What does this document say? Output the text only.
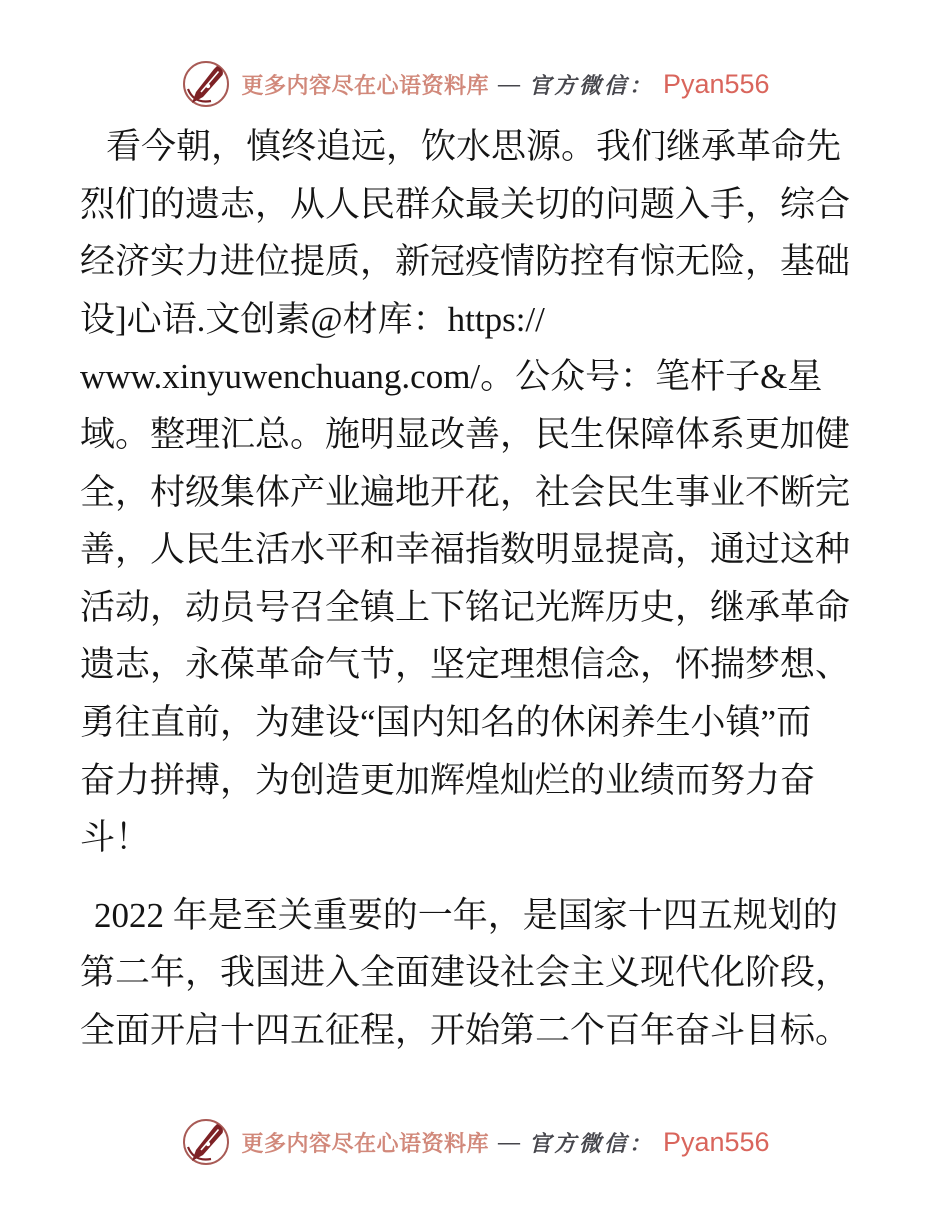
更多内容尽在心语资料库 — 官方微信： Pyan556
看今朝，慎终追远，饮水思源。我们继承革命先
烈们的遗志，从人民群众最关切的问题入手，综合
经济实力进位提质，新冠疫情防控有惊无险，基础
设]心语.文创素@材库：https://
www.xinyuwenchuang.com/。公众号：笔杆子&星
域。整理汇总。施明显改善，民生保障体系更加健
全，村级集体产业遍地开花，社会民生事业不断完
善，人民生活水平和幸福指数明显提高，通过这种
活动，动员号召全镇上下铭记光辉历史，继承革命
遗志，永葆革命气节，坚定理想信念，怀揣梦想、
勇往直前，为建设“国内知名的休闲养生小镇”而
奋力拼搏，为创造更加辉煌灿烂的业绩而努力奋
斗！
2022 年是至关重要的一年，是国家十四五规划的
第二年，我国进入全面建设社会主义现代化阶段，
全面开启十四五征程，开始第二个百年奋斗目标。
更多内容尽在心语资料库 — 官方微信： Pyan556
